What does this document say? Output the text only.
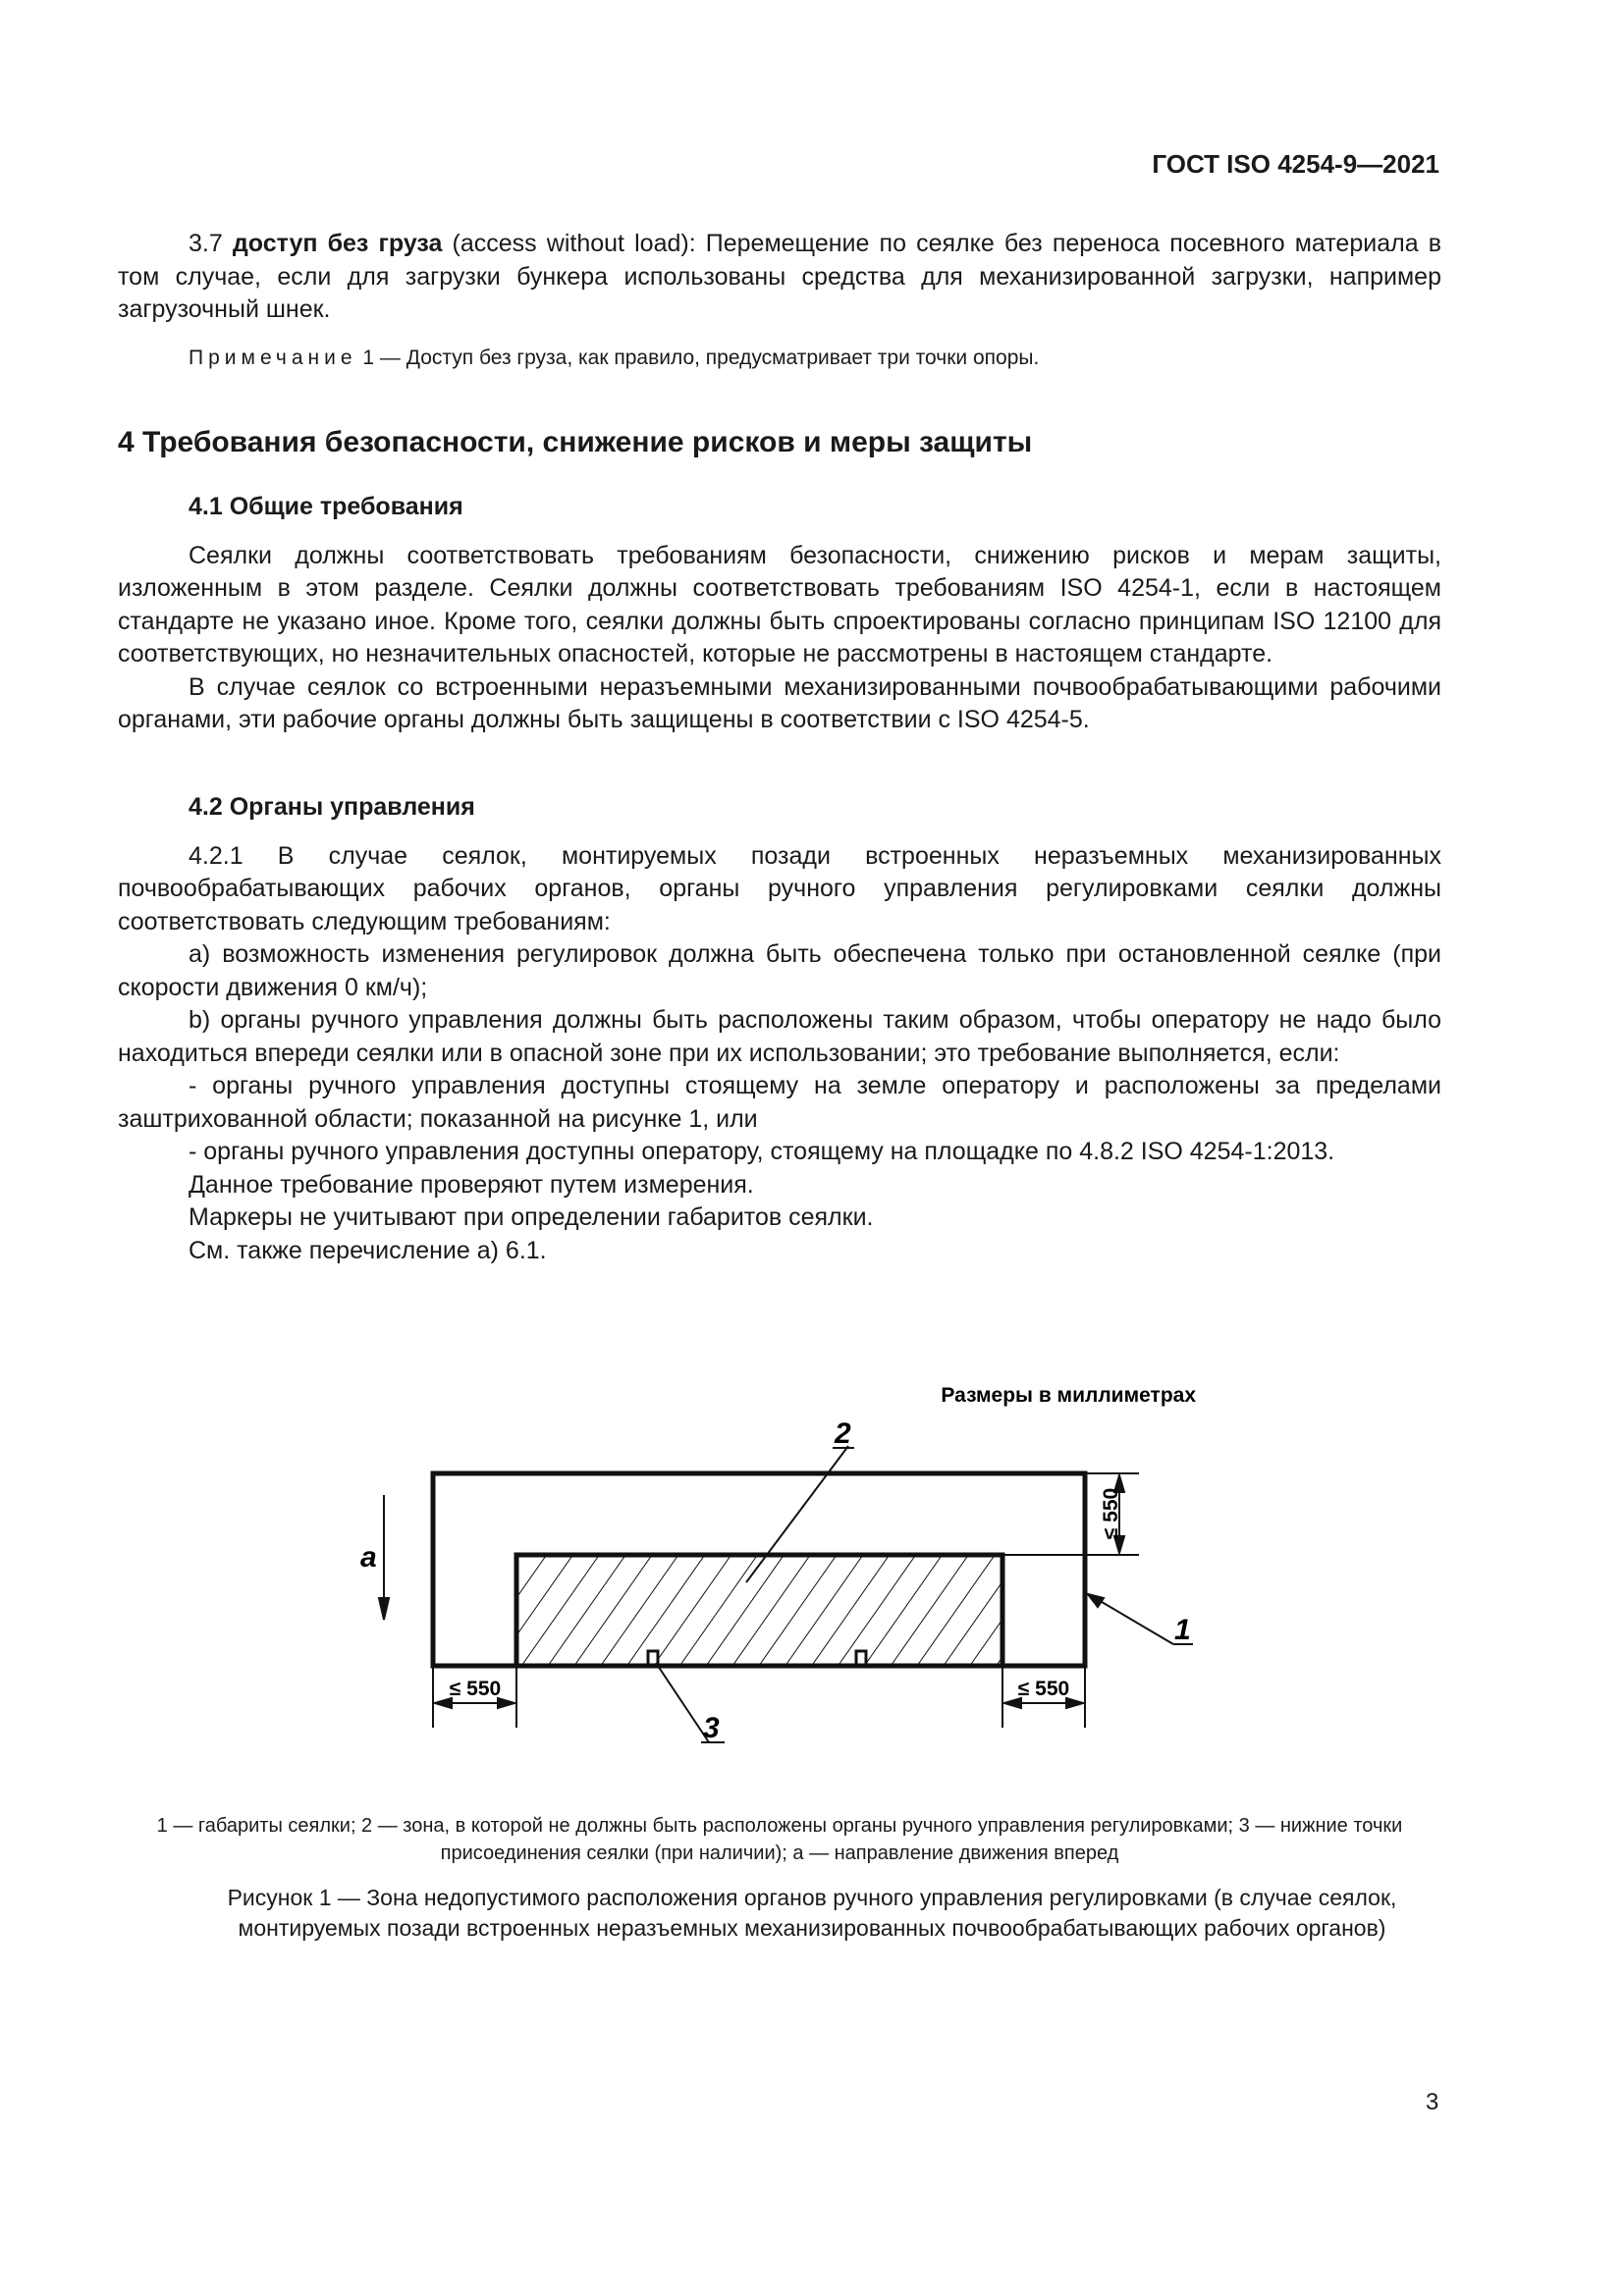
ГОСТ ISO 4254-9—2021

3.7 доступ без груза (access without load): Перемещение по сеялке без переноса посевного материала в том случае, если для загрузки бункера использованы средства для механизированной загрузки, например загрузочный шнек.

Примечание 1 — Доступ без груза, как правило, предусматривает три точки опоры.

4 Требования безопасности, снижение рисков и меры защиты
4.1 Общие требования

Сеялки должны соответствовать требованиям безопасности, снижению рисков и мерам защиты, изложенным в этом разделе. Сеялки должны соответствовать требованиям ISO 4254-1, если в настоящем стандарте не указано иное. Кроме того, сеялки должны быть спроектированы согласно принципам ISO 12100 для соответствующих, но незначительных опасностей, которые не рассмотрены в настоящем стандарте.

В случае сеялок со встроенными неразъемными механизированными почвообрабатывающими рабочими органами, эти рабочие органы должны быть защищены в соответствии с ISO 4254-5.

4.2 Органы управления

4.2.1 В случае сеялок, монтируемых позади встроенных неразъемных механизированных почвообрабатывающих рабочих органов, органы ручного управления регулировками сеялки должны соответствовать следующим требованиям:

a) возможность изменения регулировок должна быть обеспечена только при остановленной сеялке (при скорости движения 0 км/ч);

b) органы ручного управления должны быть расположены таким образом, чтобы оператору не надо было находиться впереди сеялки или в опасной зоне при их использовании; это требование выполняется, если:

- органы ручного управления доступны стоящему на земле оператору и расположены за пределами заштрихованной области; показанной на рисунке 1, или

- органы ручного управления доступны оператору, стоящему на площадке по 4.8.2 ISO 4254-1:2013.

Данное требование проверяют путем измерения.

Маркеры не учитывают при определении габаритов сеялки.

См. также перечисление а) 6.1.

Размеры в миллиметрах
≤ 550
≤ 550	≤ 550
a
2
1
3
1 — габариты сеялки; 2 — зона, в которой не должны быть расположены органы ручного управления регулировками; 3 — нижние точки присоединения сеялки (при наличии); а — направление движения вперед
Рисунок 1 — Зона недопустимого расположения органов ручного управления регулировками (в случае сеялок, монтируемых позади встроенных неразъемных механизированных почвообрабатывающих рабочих органов)
3
